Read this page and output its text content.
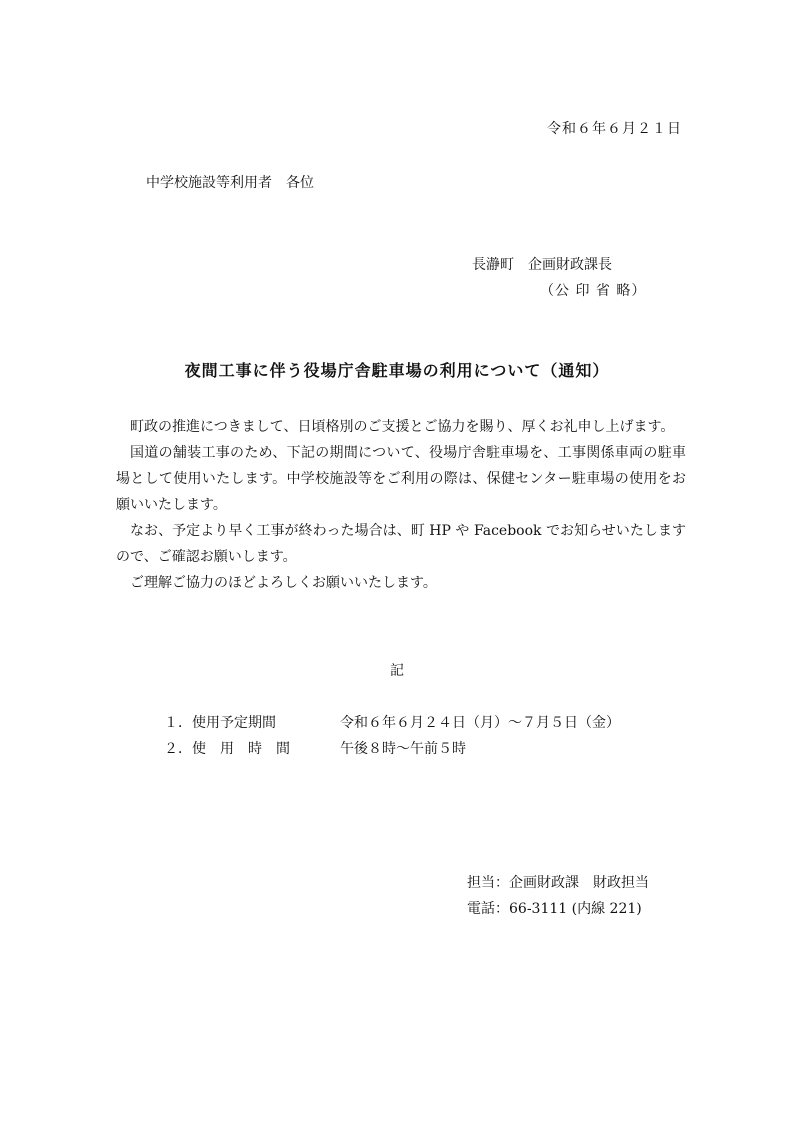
令和６年６月２１日
中学校施設等利用者　各位
長瀞町　企画財政課長
（公 印 省 略）
夜間工事に伴う役場庁舎駐車場の利用について（通知）

町政の推進につきまして、日頃格別のご支援とご協力を賜り、厚くお礼申し上げます。

国道の舗装工事のため、下記の期間について、役場庁舎駐車場を、工事関係車両の駐車場として使用いたします。中学校施設等をご利用の際は、保健センター駐車場の使用をお願いいたします。

なお、予定より早く工事が終わった場合は、町 HP や Facebook でお知らせいたしますので、ご確認お願いします。

ご理解ご協力のほどよろしくお願いいたします。

記
１．使用予定期間	令和６年６月２４日（月）～７月５日（金）
２．使　用　時　間	午後８時～午前５時
担当：企画財政課　財政担当
電話：66-3111 (内線 221)
